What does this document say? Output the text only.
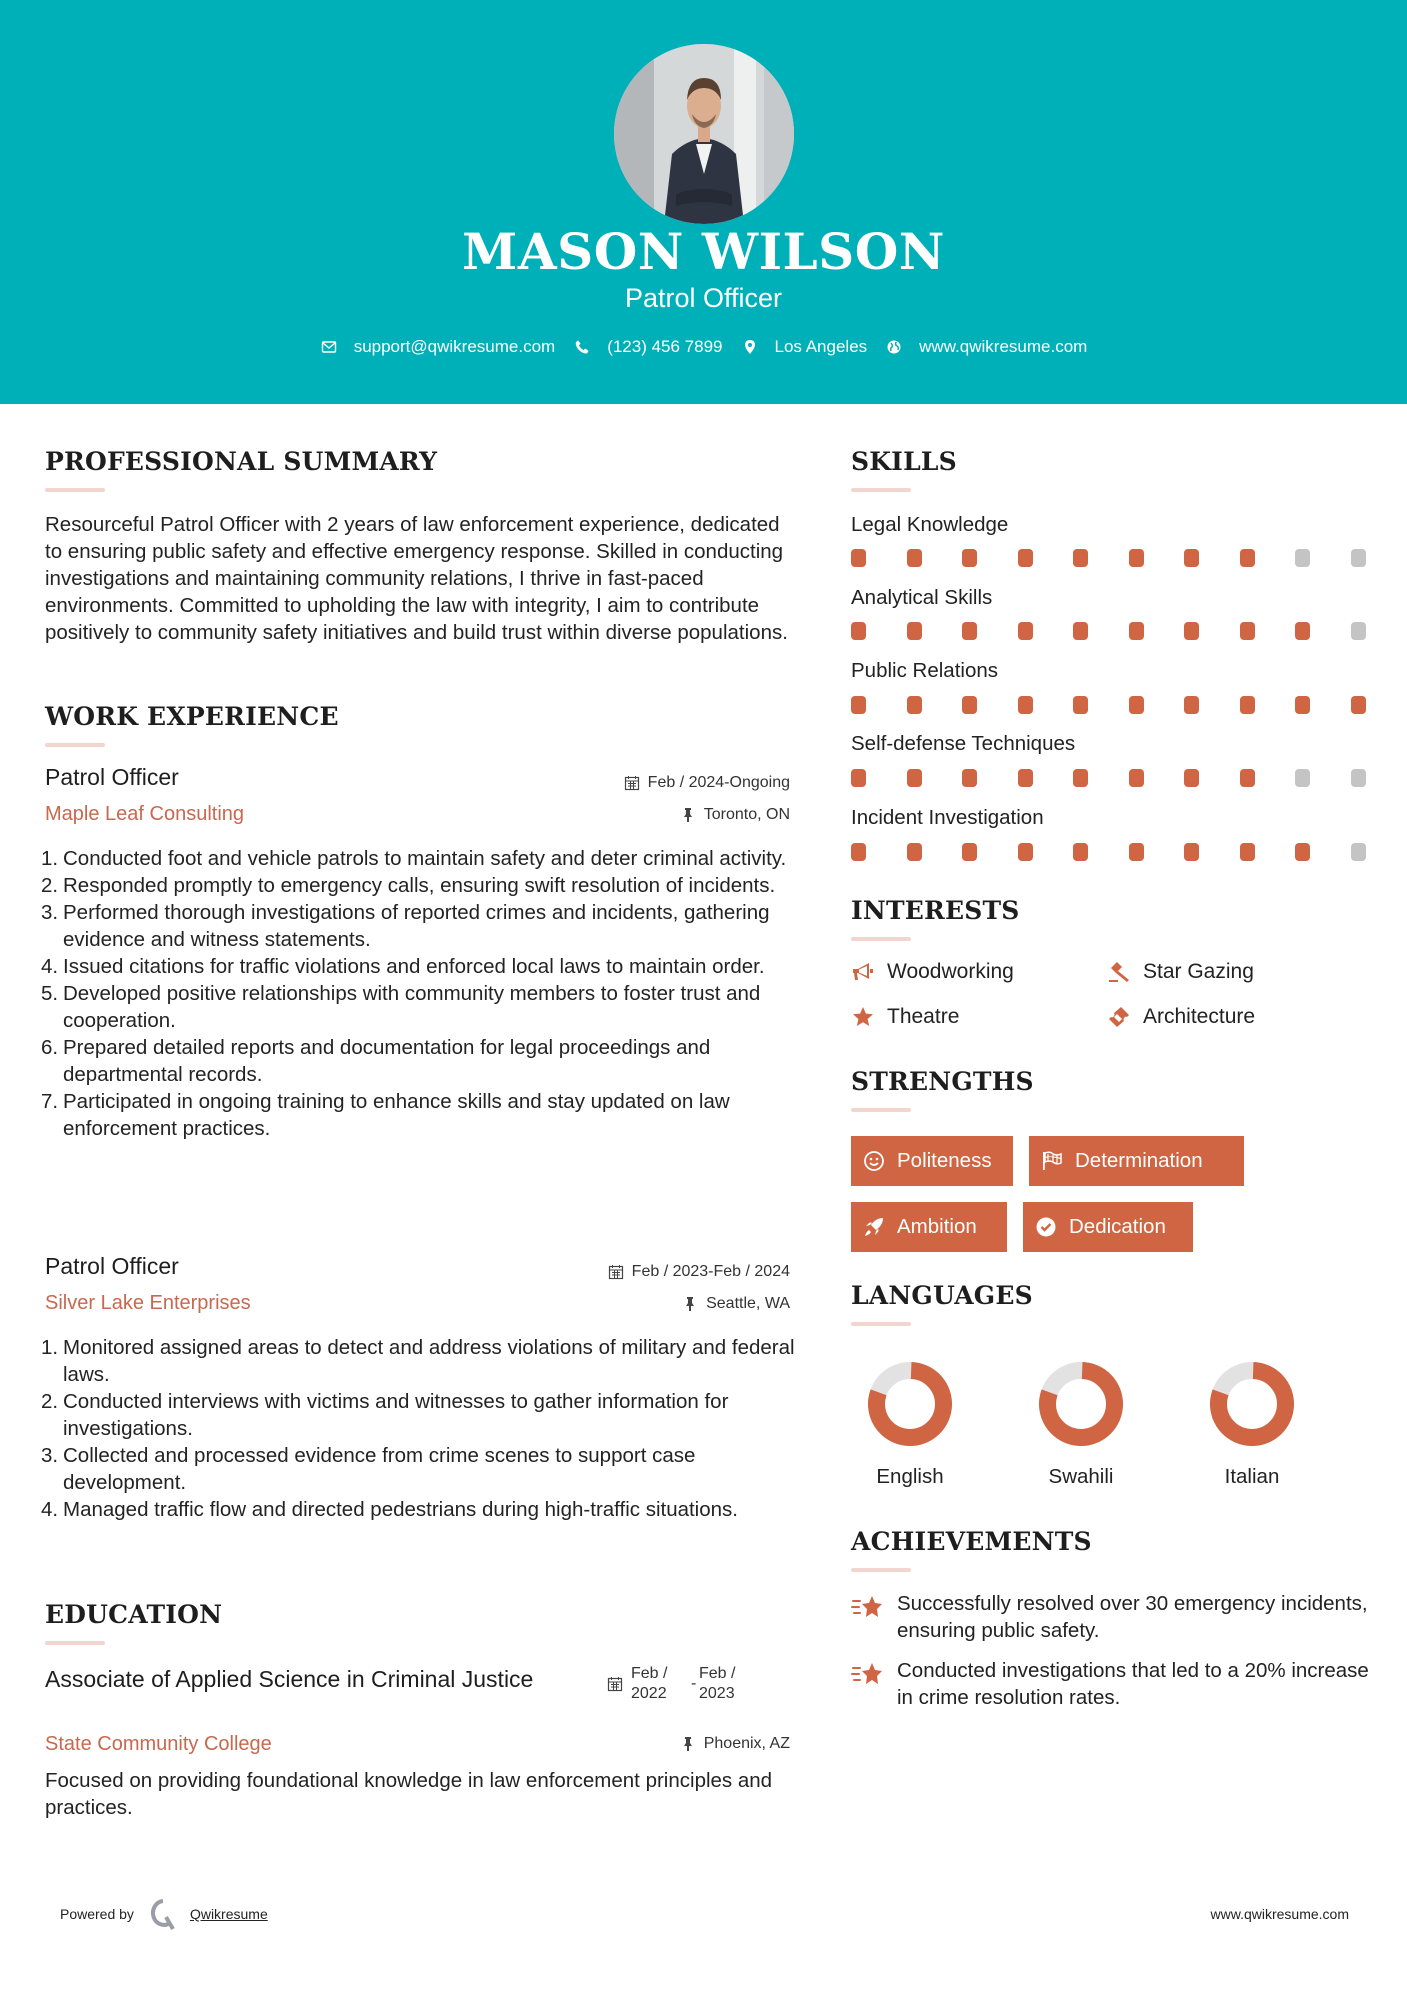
MASON WILSON
Patrol Officer
support@qwikresume.com	(123) 456 7899	Los Angeles	www.qwikresume.com
PROFESSIONAL SUMMARY
Resourceful Patrol Officer with 2 years of law enforcement experience, dedicated to ensuring public safety and effective emergency response. Skilled in conducting investigations and maintaining community relations, I thrive in fast-paced environments. Committed to upholding the law with integrity, I aim to contribute positively to community safety initiatives and build trust within diverse populations.
WORK EXPERIENCE
Patrol Officer	Feb / 2024-Ongoing
Maple Leaf Consulting	Toronto, ON
1. Conducted foot and vehicle patrols to maintain safety and deter criminal activity.
2. Responded promptly to emergency calls, ensuring swift resolution of incidents.
3. Performed thorough investigations of reported crimes and incidents, gathering evidence and witness statements.
4. Issued citations for traffic violations and enforced local laws to maintain order.
5. Developed positive relationships with community members to foster trust and cooperation.
6. Prepared detailed reports and documentation for legal proceedings and departmental records.
7. Participated in ongoing training to enhance skills and stay updated on law enforcement practices.
Patrol Officer	Feb / 2023-Feb / 2024
Silver Lake Enterprises	Seattle, WA
1. Monitored assigned areas to detect and address violations of military and federal laws.
2. Conducted interviews with victims and witnesses to gather information for investigations.
3. Collected and processed evidence from crime scenes to support case development.
4. Managed traffic flow and directed pedestrians during high-traffic situations.
EDUCATION
Associate of Applied Science in Criminal Justice	Feb /
2022
-
Feb /
2023
State Community College	Phoenix, AZ
Focused on providing foundational knowledge in law enforcement principles and practices.
SKILLS
Legal Knowledge
Analytical Skills
Public Relations
Self-defense Techniques
Incident Investigation
INTERESTS
Woodworking	Star Gazing
Theatre	Architecture
STRENGTHS
Politeness	Determination
Ambition	Dedication
LANGUAGES
English	Swahili	Italian
ACHIEVEMENTS
Successfully resolved over 30 emergency incidents, ensuring public safety.
Conducted investigations that led to a 20% increase in crime resolution rates.
Powered by	Qwikresume	www.qwikresume.com
